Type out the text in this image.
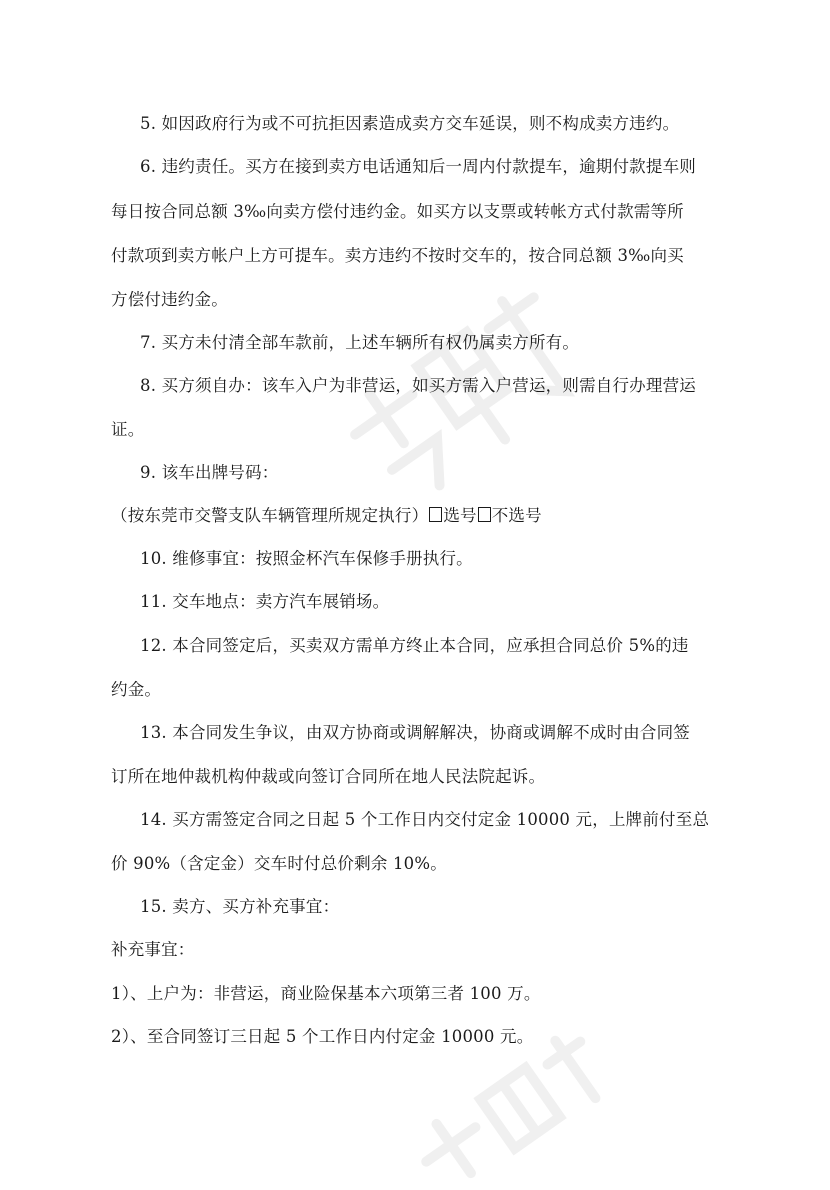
5. 如因政府行为或不可抗拒因素造成卖方交车延误，则不构成卖方违约。
6. 违约责任。买方在接到卖方电话通知后一周内付款提车，逾期付款提车则
每日按合同总额 3‰向卖方偿付违约金。如买方以支票或转帐方式付款需等所
付款项到卖方帐户上方可提车。卖方违约不按时交车的，按合同总额 3‰向买
方偿付违约金。
7. 买方未付清全部车款前，上述车辆所有权仍属卖方所有。
8. 买方须自办：该车入户为非营运，如买方需入户营运，则需自行办理营运
证。
9. 该车出牌号码：
（按东莞市交警支队车辆管理所规定执行） 选号 不选号
10. 维修事宜：按照金杯汽车保修手册执行。
11. 交车地点：卖方汽车展销场。
12. 本合同签定后，买卖双方需单方终止本合同，应承担合同总价 5%的违
约金。
13. 本合同发生争议，由双方协商或调解解决，协商或调解不成时由合同签
订所在地仲裁机构仲裁或向签订合同所在地人民法院起诉。
14. 买方需签定合同之日起 5 个工作日内交付定金 10000 元，上牌前付至总
价 90%（含定金）交车时付总价剩余 10%。
15. 卖方、买方补充事宜：
补充事宜：
1）、上户为：非营运，商业险保基本六项第三者 100 万。
2）、至合同签订三日起 5 个工作日内付定金 10000 元。
